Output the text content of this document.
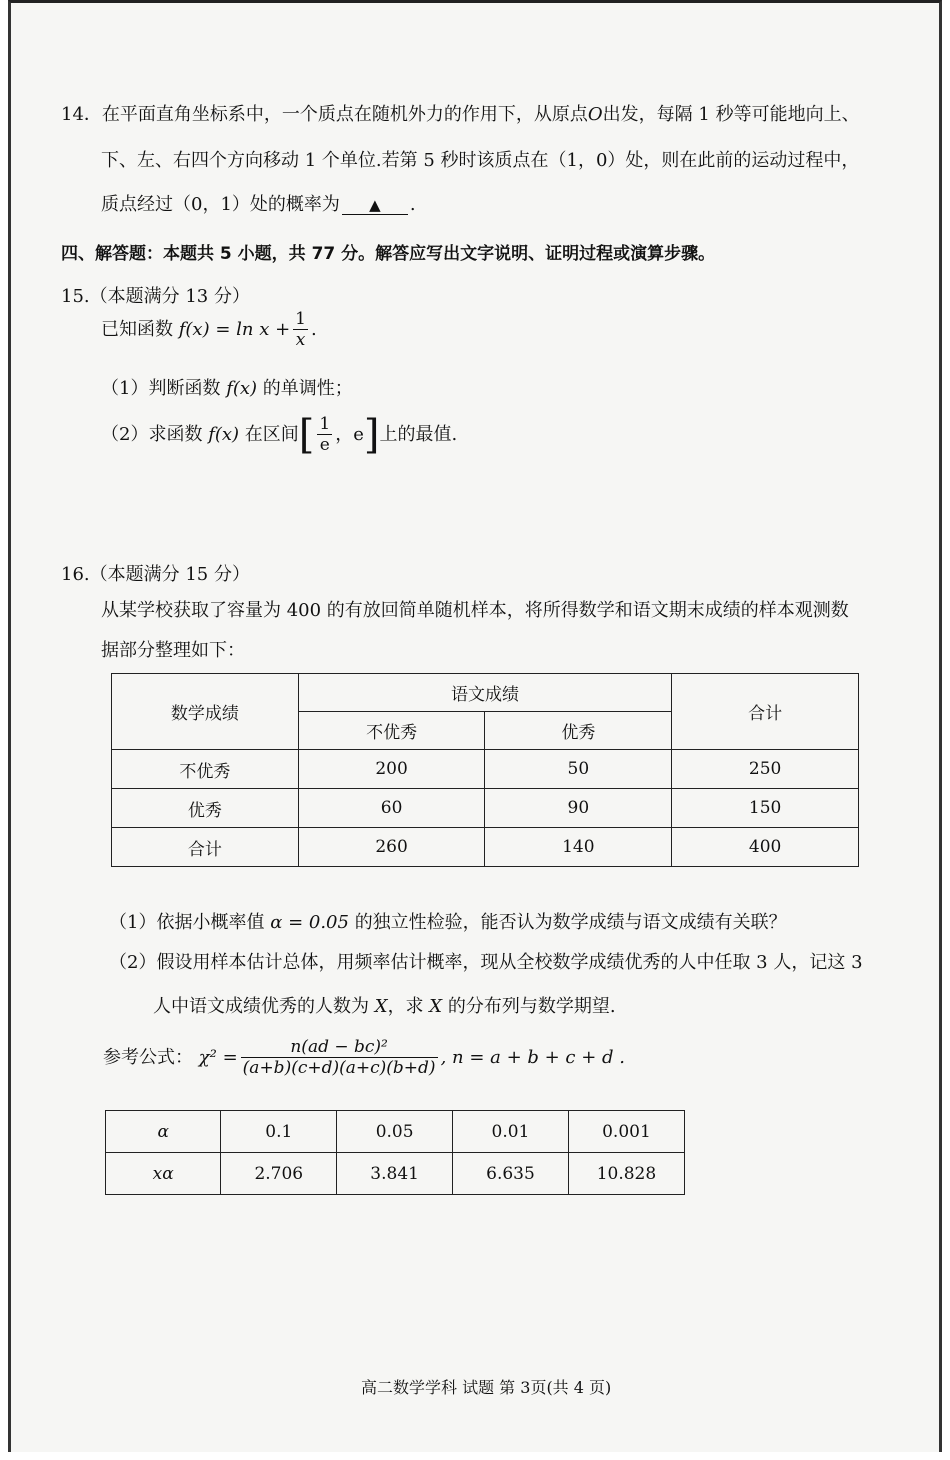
14．在平面直角坐标系中，一个质点在随机外力的作用下，从原点O出发，每隔 1 秒等可能地向上、
下、左、右四个方向移动 1 个单位.若第 5 秒时该质点在（1，0）处，则在此前的运动过程中，
质点经过（0，1）处的概率为 ▲ .
四、解答题：本题共 5 小题，共 77 分。解答应写出文字说明、证明过程或演算步骤。
15.（本题满分 13 分）
已知函数 $f(x) = \ln x + \frac{1}{x}$ .
（1）判断函数 f(x) 的单调性；
（2）求函数 f(x) 在区间[ $\frac{1}{e}$ ，e]上的最值.
16.（本题满分 15 分）
从某学校获取了容量为 400 的有放回简单随机样本，将所得数学和语文期末成绩的样本观测数
据部分整理如下：
数学成绩	语文成绩		合计
	不优秀	优秀	
不优秀	200	50	250
优秀	60	90	150
合计	260	140	400
（1）依据小概率值 α = 0.05 的独立性检验，能否认为数学成绩与语文成绩有关联？
（2）假设用样本估计总体，用频率估计概率，现从全校数学成绩优秀的人中任取 3 人，记这 3
人中语文成绩优秀的人数为 X，求 X 的分布列与数学期望.
参考公式： $\chi^2 = \frac{\text{n(ad − bc)²}}{(a+b)(c+d)(a+c)(b+d)}$ , n = a + b + c + d .
α	0.1	0.05	0.01	0.001
xα	2.706	3.841	6.635	10.828
高二数学学科 试题 第 3页(共 4 页)
